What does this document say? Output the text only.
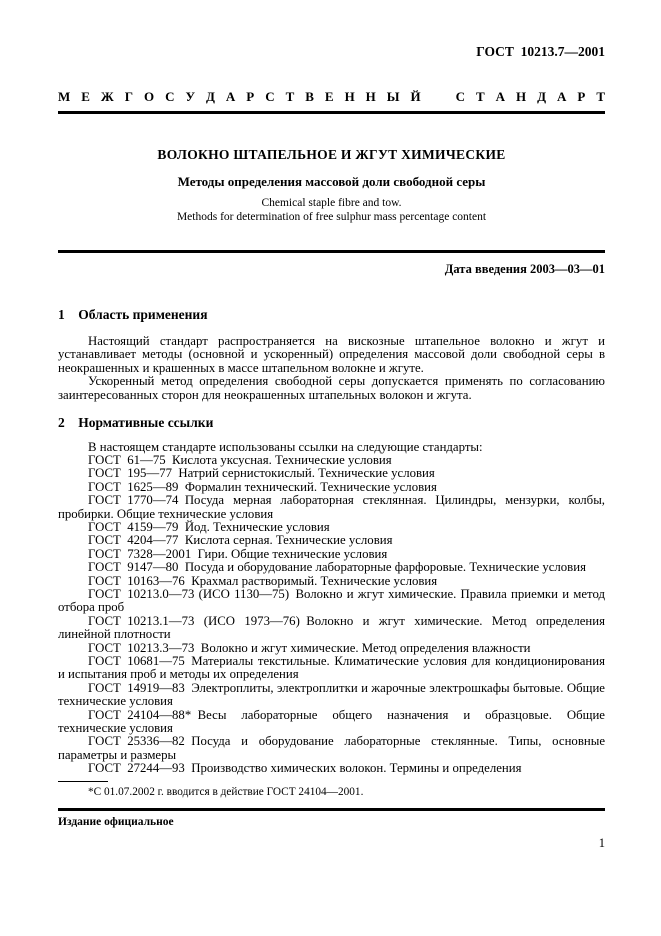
ГОСТ 10213.7—2001
М Е Ж Г О С У Д А Р С Т В Е Н Н Ы Й   С Т А Н Д А Р Т
ВОЛОКНО ШТАПЕЛЬНОЕ И ЖГУТ ХИМИЧЕСКИЕ
Методы определения массовой доли свободной серы
Chemical staple fibre and tow.
Methods for determination of free sulphur mass percentage content
Дата введения 2003—03—01

1 Область применения

Настоящий стандарт распространяется на вискозные штапельное волокно и жгут и устанавливает методы (основной и ускоренный) определения массовой доли свободной серы в неокрашенных и крашенных в массе штапельном волокне и жгуте.

Ускоренный метод определения свободной серы допускается применять по согласованию заинтересованных сторон для неокрашенных штапельных волокон и жгута.

2 Нормативные ссылки

В настоящем стандарте использованы ссылки на следующие стандарты:

ГОСТ 61—75 Кислота уксусная. Технические условия

ГОСТ 195—77 Натрий сернистокислый. Технические условия

ГОСТ 1625—89 Формалин технический. Технические условия

ГОСТ 1770—74 Посуда мерная лабораторная стеклянная. Цилиндры, мензурки, колбы, пробирки. Общие технические условия

ГОСТ 4159—79 Йод. Технические условия

ГОСТ 4204—77 Кислота серная. Технические условия

ГОСТ 7328—2001 Гири. Общие технические условия

ГОСТ 9147—80 Посуда и оборудование лабораторные фарфоровые. Технические условия

ГОСТ 10163—76 Крахмал растворимый. Технические условия

ГОСТ 10213.0—73 (ИСО 1130—75) Волокно и жгут химические. Правила приемки и метод отбора проб

ГОСТ 10213.1—73 (ИСО 1973—76) Волокно и жгут химические. Метод определения линейной плотности

ГОСТ 10213.3—73 Волокно и жгут химические. Метод определения влажности

ГОСТ 10681—75 Материалы текстильные. Климатические условия для кондиционирования и испытания проб и методы их определения

ГОСТ 14919—83 Электроплиты, электроплитки и жарочные электрошкафы бытовые. Общие технические условия

ГОСТ 24104—88* Весы лабораторные общего назначения и образцовые. Общие технические условия

ГОСТ 25336—82 Посуда и оборудование лабораторные стеклянные. Типы, основные параметры и размеры

ГОСТ 27244—93 Производство химических волокон. Термины и определения

*С 01.07.2002 г. вводится в действие ГОСТ 24104—2001.

Издание официальное
1
